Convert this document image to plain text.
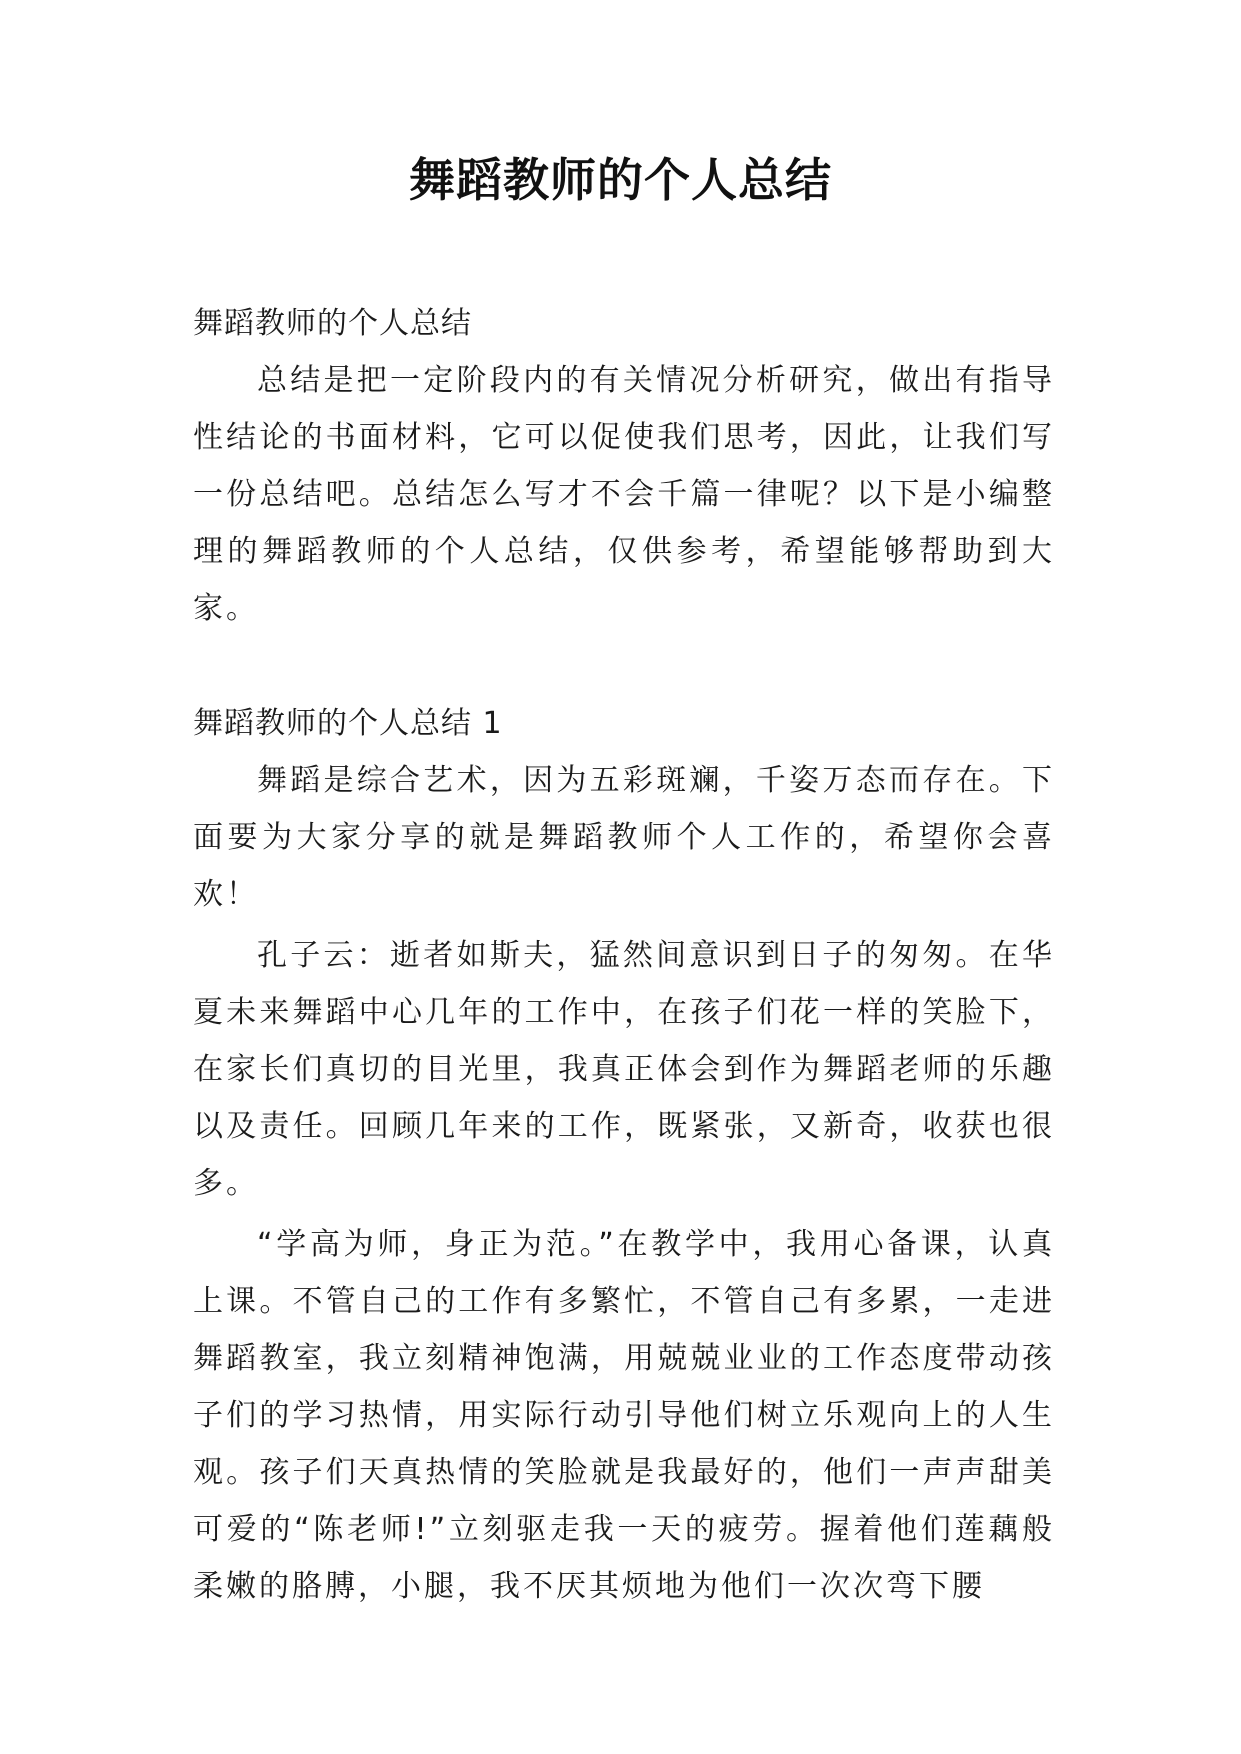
舞蹈教师的个人总结

舞蹈教师的个人总结

总结是把一定阶段内的有关情况分析研究，做出有指导性结论的书面材料，它可以促使我们思考，因此，让我们写一份总结吧。总结怎么写才不会千篇一律呢？以下是小编整理的舞蹈教师的个人总结，仅供参考，希望能够帮助到大家。

舞蹈教师的个人总结 1

舞蹈是综合艺术，因为五彩斑斓，千姿万态而存在。下面要为大家分享的就是舞蹈教师个人工作的，希望你会喜欢！

孔子云：逝者如斯夫，猛然间意识到日子的匆匆。在华夏未来舞蹈中心几年的工作中，在孩子们花一样的笑脸下，在家长们真切的目光里，我真正体会到作为舞蹈老师的乐趣以及责任。回顾几年来的工作，既紧张，又新奇，收获也很多。

“学高为师，身正为范。”在教学中，我用心备课，认真上课。不管自己的工作有多繁忙，不管自己有多累，一走进舞蹈教室，我立刻精神饱满，用兢兢业业的工作态度带动孩子们的学习热情，用实际行动引导他们树立乐观向上的人生观。孩子们天真热情的笑脸就是我最好的，他们一声声甜美可爱的“陈老师!”立刻驱走我一天的疲劳。握着他们莲藕般柔嫩的胳膊，小腿，我不厌其烦地为他们一次次弯下腰
